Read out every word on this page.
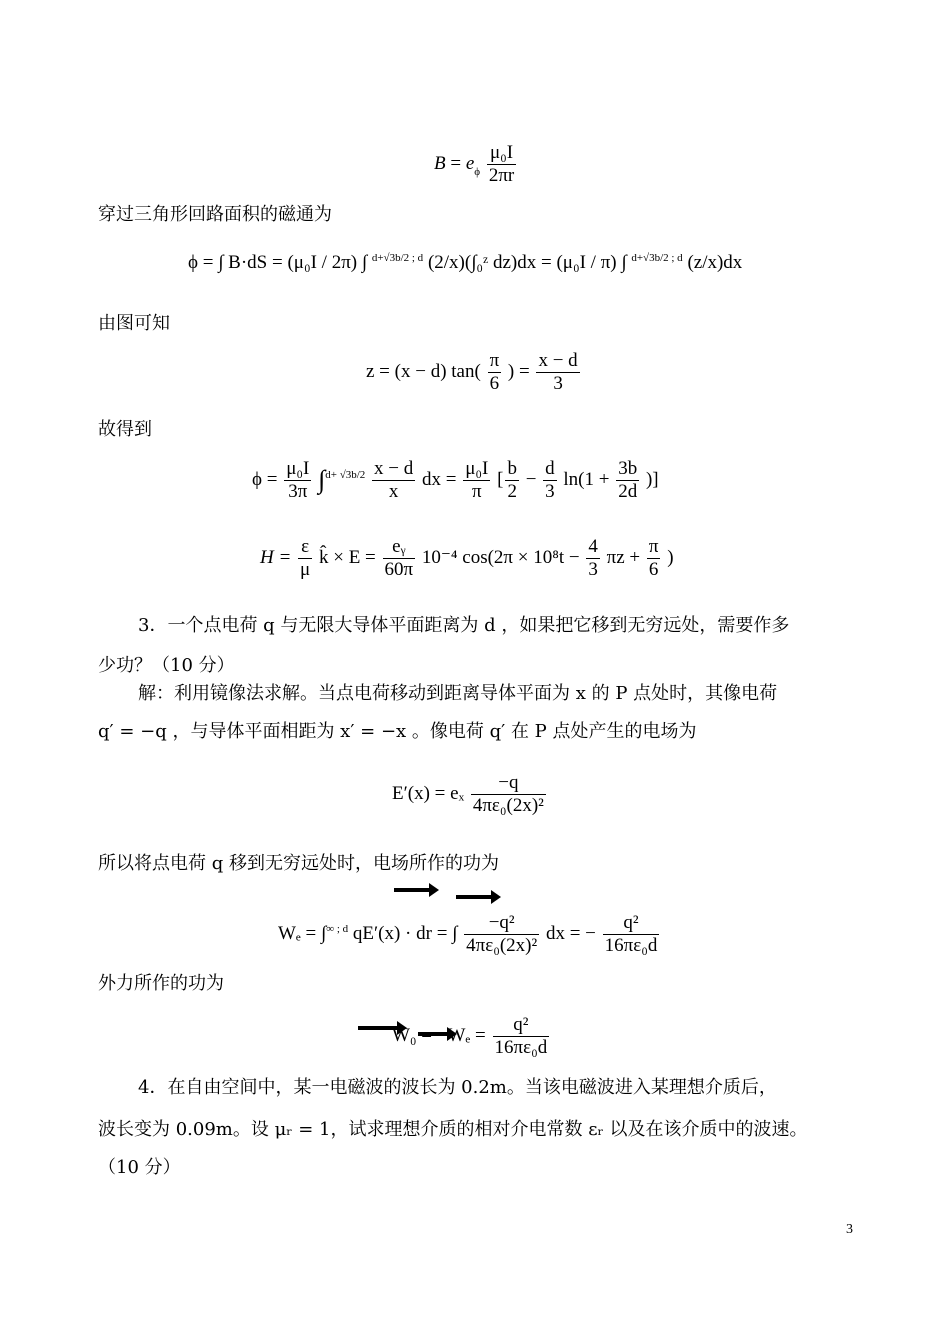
$B = e_\phi \frac{\text{μ₀I}}{2\pi r}$
穿过三角形回路面积的磁通为
ϕ = ∫ B·dS = (μ₀I / 2π) ∫ $^{d+√3b/2 ; d}$ (2/x)(∫₀ᶻ dz)dx = (μ₀I / π) ∫ $^{d+√3b/2 ; d}$ (z/x)dx
由图可知
z = (x − d) $\tan( \frac{\pi}{6}$ ) = $\frac{x - d}{3}$
故得到
$\phi = \frac{\text{μ₀I}}{3\pi} \int^{d+ √3b/2} \frac{x - d}{x}$ dx = $\frac{\text{μ₀I}}{\pi}$ [ $\frac{b}{2} - \frac{d}{3} \ln(1 + \frac{3b}{2d}$ )]
$H = \frac{\varepsilon}{\mu}$ k̂ × $E = \frac{\text{eᵧ}}{60\pi} 10^{-4}$ $\cos(2\pi \times 10^8t - \frac{4}{3}$ $\pi z + \frac{\pi}{6}$ )
3．一个点电荷 q 与无限大导体平面距离为 d ，如果把它移到无穷远处，需要作多
少功？（10 分）
解：利用镜像法求解。当点电荷移动到距离导体平面为 x 的 P 点处时，其像电荷
q′ = −q ，与导体平面相距为 x′ = −x 。像电荷 q′ 在 P 点处产生的电场为
E′(x) = eₓ $\frac{-q}{\text{4πε₀(2x)²}}$
所以将点电荷 q 移到无穷远处时，电场所作的功为
Wₑ = ∫$^{\infty ; d}$ qE′(x) · dr = ∫ $\frac{\text{−q²}}{\text{4πε₀(2x)²}}$ dx = − $\frac{\text{q²}}{\text{16πε₀d}}$
外力所作的功为
$W_0 = -W_e = \frac{\text{q²}}{\text{16πε₀d}}$
4．在自由空间中，某一电磁波的波长为 0.2m。当该电磁波进入某理想介质后，
波长变为 0.09m。设 μᵣ = 1，试求理想介质的相对介电常数 εᵣ 以及在该介质中的波速。
（10 分）
3
